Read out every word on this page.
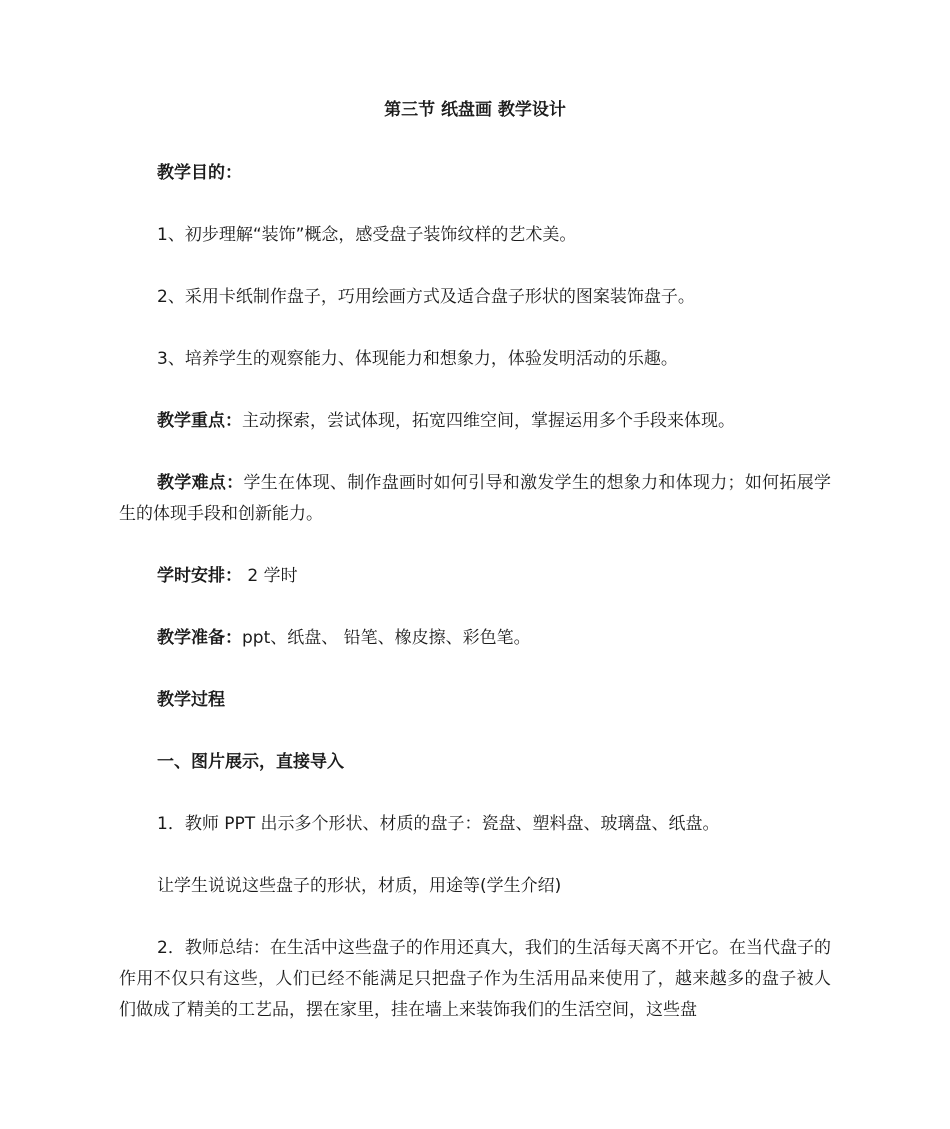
第三节 纸盘画 教学设计

教学目的：

1、初步理解“装饰”概念，感受盘子装饰纹样的艺术美。

2、采用卡纸制作盘子，巧用绘画方式及适合盘子形状的图案装饰盘子。

3、培养学生的观察能力、体现能力和想象力，体验发明活动的乐趣。

教学重点：主动探索，尝试体现，拓宽四维空间，掌握运用多个手段来体现。

教学难点：学生在体现、制作盘画时如何引导和激发学生的想象力和体现力；如何拓展学生的体现手段和创新能力。

学时安排： 2 学时

教学准备：ppt、纸盘、 铅笔、橡皮擦、彩色笔。

教学过程

一、图片展示，直接导入

1．教师 PPT 出示多个形状、材质的盘子：瓷盘、塑料盘、玻璃盘、纸盘。

让学生说说这些盘子的形状，材质，用途等(学生介绍)

2．教师总结：在生活中这些盘子的作用还真大，我们的生活每天离不开它。在当代盘子的作用不仅只有这些，人们已经不能满足只把盘子作为生活用品来使用了，越来越多的盘子被人们做成了精美的工艺品，摆在家里，挂在墙上来装饰我们的生活空间，这些盘
